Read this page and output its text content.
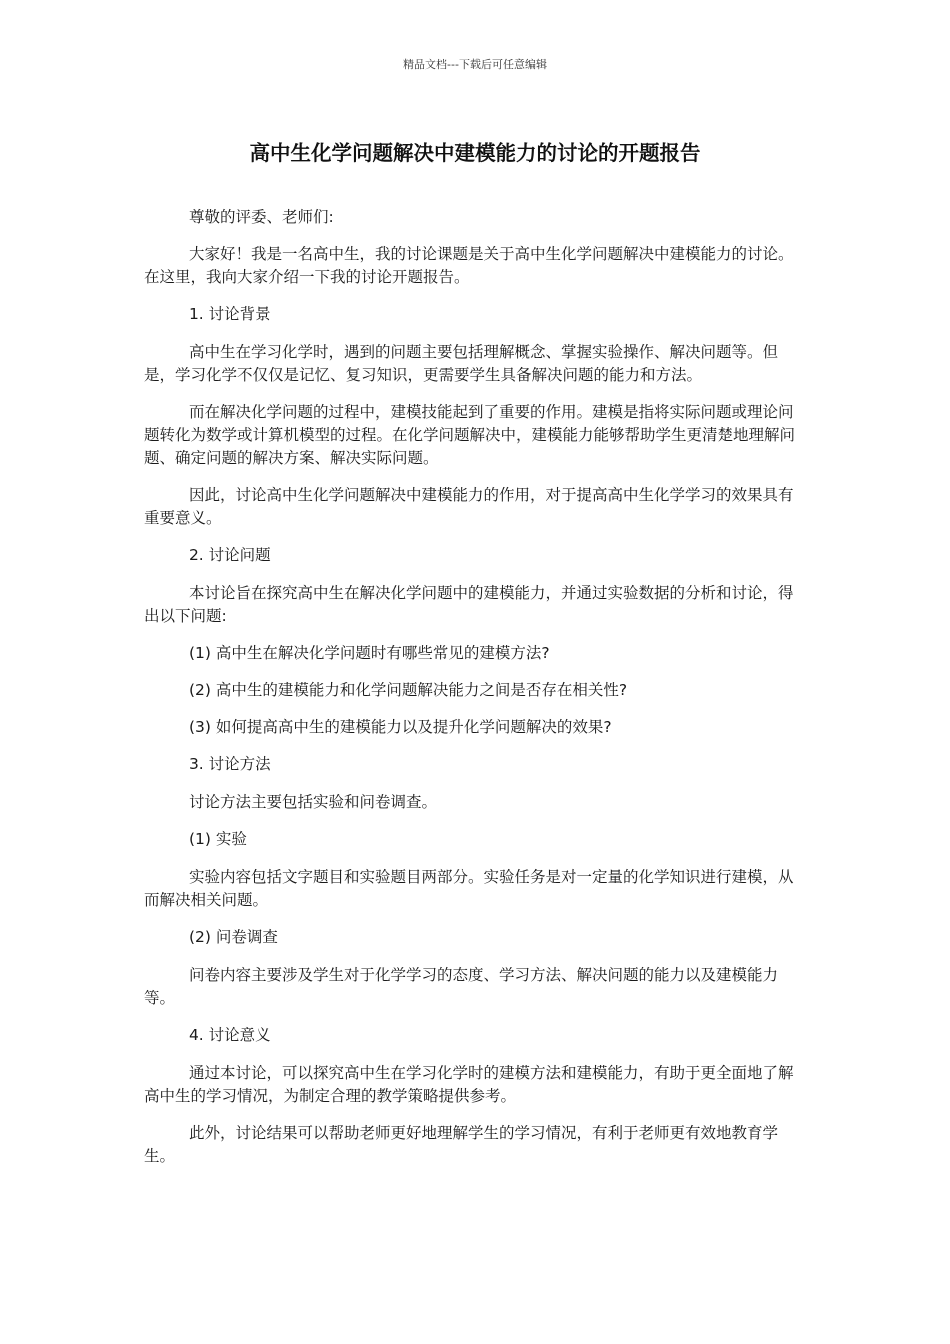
精品文档---下载后可任意编辑
高中生化学问题解决中建模能力的讨论的开题报告

尊敬的评委、老师们:

大家好！我是一名高中生，我的讨论课题是关于高中生化学问题解决中建模能力的讨论。在这里，我向大家介绍一下我的讨论开题报告。

1. 讨论背景

高中生在学习化学时，遇到的问题主要包括理解概念、掌握实验操作、解决问题等。但是，学习化学不仅仅是记忆、复习知识，更需要学生具备解决问题的能力和方法。

而在解决化学问题的过程中，建模技能起到了重要的作用。建模是指将实际问题或理论问题转化为数学或计算机模型的过程。在化学问题解决中，建模能力能够帮助学生更清楚地理解问题、确定问题的解决方案、解决实际问题。

因此，讨论高中生化学问题解决中建模能力的作用，对于提高高中生化学学习的效果具有重要意义。

2. 讨论问题

本讨论旨在探究高中生在解决化学问题中的建模能力，并通过实验数据的分析和讨论，得出以下问题:

(1) 高中生在解决化学问题时有哪些常见的建模方法?

(2) 高中生的建模能力和化学问题解决能力之间是否存在相关性?

(3) 如何提高高中生的建模能力以及提升化学问题解决的效果?

3. 讨论方法

讨论方法主要包括实验和问卷调查。

(1) 实验

实验内容包括文字题目和实验题目两部分。实验任务是对一定量的化学知识进行建模，从而解决相关问题。

(2) 问卷调查

问卷内容主要涉及学生对于化学学习的态度、学习方法、解决问题的能力以及建模能力等。

4. 讨论意义

通过本讨论，可以探究高中生在学习化学时的建模方法和建模能力，有助于更全面地了解高中生的学习情况，为制定合理的教学策略提供参考。

此外，讨论结果可以帮助老师更好地理解学生的学习情况，有利于老师更有效地教育学生。
